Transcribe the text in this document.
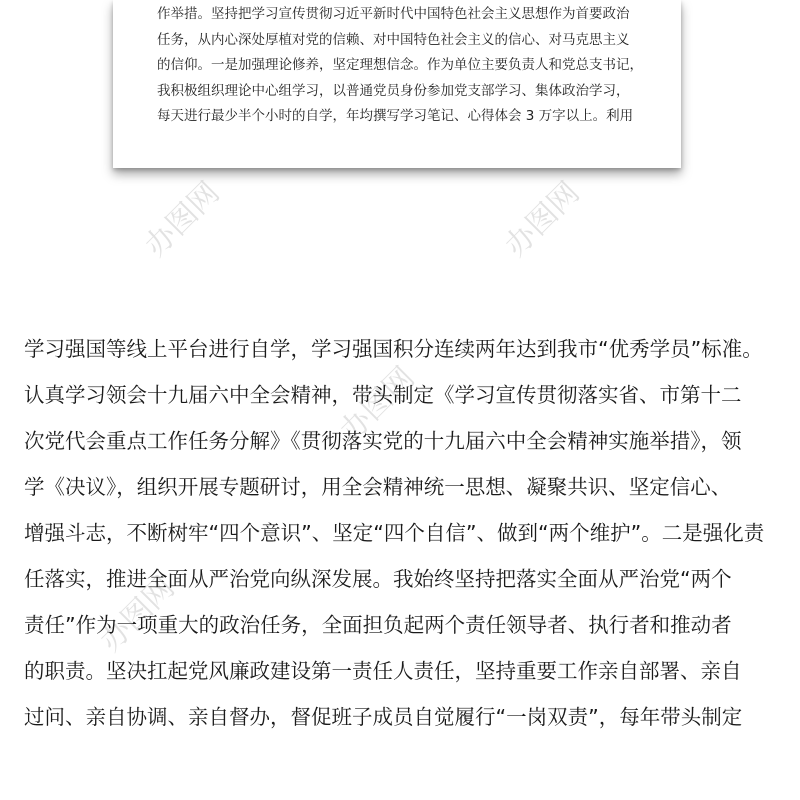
作举措。坚持把学习宣传贯彻习近平新时代中国特色社会主义思想作为首要政治
任务，从内心深处厚植对党的信赖、对中国特色社会主义的信心、对马克思主义
的信仰。一是加强理论修养，坚定理想信念。作为单位主要负责人和党总支书记，
我积极组织理论中心组学习，以普通党员身份参加党支部学习、集体政治学习，
每天进行最少半个小时的自学，年均撰写学习笔记、心得体会 3 万字以上。利用
办图网	办图网
办图网
办图网
学习强国等线上平台进行自学，学习强国积分连续两年达到我市“优秀学员”标准。
认真学习领会十九届六中全会精神，带头制定《学习宣传贯彻落实省、市第十二
次党代会重点工作任务分解》《贯彻落实党的十九届六中全会精神实施举措》，领
学《决议》，组织开展专题研讨，用全会精神统一思想、凝聚共识、坚定信心、
增强斗志，不断树牢“四个意识”、坚定“四个自信”、做到“两个维护”。二是强化责
任落实，推进全面从严治党向纵深发展。我始终坚持把落实全面从严治党“两个
责任”作为一项重大的政治任务，全面担负起两个责任领导者、执行者和推动者
的职责。坚决扛起党风廉政建设第一责任人责任，坚持重要工作亲自部署、亲自
过问、亲自协调、亲自督办，督促班子成员自觉履行“一岗双责”，每年带头制定
